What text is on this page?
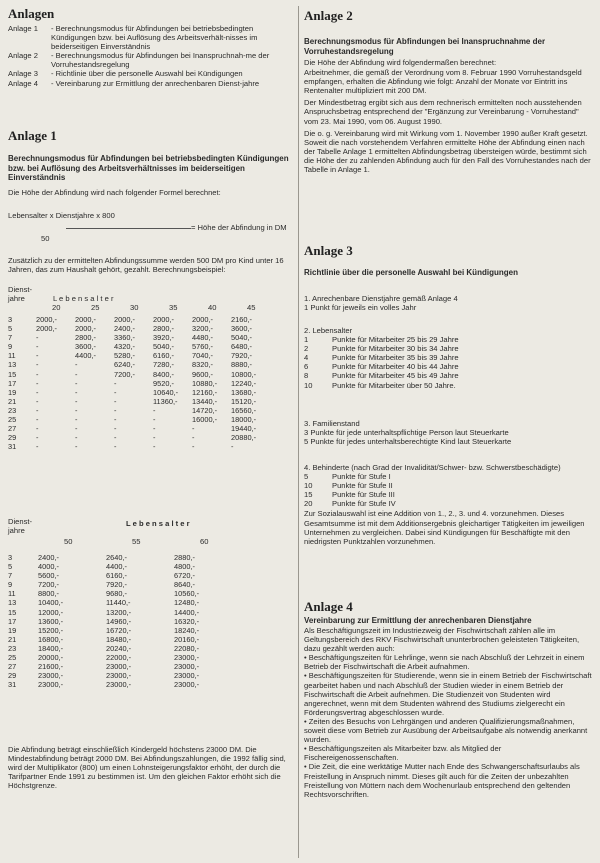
Anlagen
Anlage 1	- Berechnungsmodus für Abfindungen bei betriebsbedingten Kündigungen bzw. bei Auflösung des Arbeitsverhält-nisses im beiderseitigen Einverständnis
Anlage 2	- Berechnungsmodus für Abfindungen bei Inanspruchnah-me der Vorruhestandsregelung
Anlage 3	- Richtlinie über die personelle Auswahl bei Kündigungen
Anlage 4	- Vereinbarung zur Ermittlung der anrechenbaren Dienst-jahre
Anlage 1
Berechnungsmodus für Abfindungen bei betriebsbedingten Kündigungen bzw. bei Auflösung des Arbeitsverhältnisses im beiderseitigen Einverständnis

Die Höhe der Abfindung wird nach folgender Formel berechnet:

Lebensalter x Dienstjahre x 800
= Höhe der Abfindung in DM
50

Zusätzlich zu der ermittelten Abfindungssumme werden 500 DM pro Kind unter 16 Jahren, das zum Haushalt gehört, gezahlt. Berechnungsbeispiel:

Dienst-
jahre	L e b e n s a l t e r
20	25	30	35	40	45
3	2000,-	2000,-	2000,-	2000,-	2000,-	2160,-
5	2000,-	2000,-	2400,-	2800,-	3200,-	3600,-
7	-	2800,-	3360,-	3920,-	4480,-	5040,-
9	-	3600,-	4320,-	5040,-	5760,-	6480,-
11	-	4400,-	5280,-	6160,-	7040,-	7920,-
13	-	-	6240,-	7280,-	8320,-	8880,-
15	-	-	7200,-	8400,-	9600,-	10800,-
17	-	-	-	9520,-	10880,-	12240,-
19	-	-	-	10640,-	12160,-	13680,-
21	-	-	-	11360,-	13440,-	15120,-
23	-	-	-	-	14720,-	16560,-
25	-	-	-	-	16000,-	18000,-
27	-	-	-	-	-	19440,-
29	-	-	-	-	-	20880,-
31	-	-	-	-	-	-
Dienst-
jahre
L e b e n s a l t e r
50	55	60
3	2400,-	2640,-	2880,-
5	4000,-	4400,-	4800,-
7	5600,-	6160,-	6720,-
9	7200,-	7920,-	8640,-
11	8800,-	9680,-	10560,-
13	10400,-	11440,-	12480,-
15	12000,-	13200,-	14400,-
17	13600,-	14960,-	16320,-
19	15200,-	16720,-	18240,-
21	16800,-	18480,-	20160,-
23	18400,-	20240,-	22080,-
25	20000,-	22000,-	23000,-
27	21600,-	23000,-	23000,-
29	23000,-	23000,-	23000,-
31	23000,-	23000,-	23000,-

Die Abfindung beträgt einschließlich Kindergeld höchstens 23000 DM. Die Mindestabfindung beträgt 2000 DM. Bei Abfindungszahlungen, die 1992 fällig sind, wird der Multiplikator (800) um einen Lohnsteigerungsfaktor erhöht, der durch die Tarifpartner Ende 1991 zu bestimmen ist. Um den gleichen Faktor erhöht sich die Höchstgrenze.

Anlage 2
Berechnungsmodus für Abfindungen bei Inanspruchnahme der Vorruhestandsregelung

Die Höhe der Abfindung wird folgendermaßen berechnet:

Arbeitnehmer, die gemäß der Verordnung vom 8. Februar 1990 Vorruhestandsgeld empfangen, erhalten die Abfindung wie folgt: Anzahl der Monate vor Eintritt ins Rentenalter multipliziert mit 200 DM.

Der Mindestbetrag ergibt sich aus dem rechnerisch ermittelten noch ausstehenden Anspruchsbetrag entsprechend der "Ergänzung zur Vereinbarung - Vorruhestand" vom 23. Mai 1990, vom 06. August 1990.

Die o. g. Vereinbarung wird mit Wirkung vom 1. November 1990 außer Kraft gesetzt. Soweit die nach vorstehendem Verfahren ermittelte Höhe der Abfindung einen nach der Tabelle Anlage 1 ermittelten Abfindungsbetrag übersteigen würde, bestimmt sich die Höhe der zu zahlenden Abfindung auch für den Fall des Vorruhestandes nach der Tabelle in Anlage 1.

Anlage 3
Richtlinie über die personelle Auswahl bei Kündigungen

1. Anrechenbare Dienstjahre gemäß Anlage 4

1 Punkt für jeweils ein volles Jahr

2. Lebensalter

1	Punkte für Mitarbeiter 25 bis 29 Jahre
2	Punkte für Mitarbeiter 30 bis 34 Jahre
4	Punkte für Mitarbeiter 35 bis 39 Jahre
6	Punkte für Mitarbeiter 40 bis 44 Jahre
8	Punkte für Mitarbeiter 45 bis 49 Jahre
10	Punkte für Mitarbeiter über 50 Jahre.

3. Familienstand

3 Punkte für jede unterhaltspflichtige Person laut Steuerkarte

5 Punkte für jedes unterhaltsberechtigte Kind laut Steuerkarte

4. Behinderte (nach Grad der Invalidität/Schwer- bzw. Schwerstbeschädigte)

5	Punkte für Stufe I
10	Punkte für Stufe II
15	Punkte für Stufe III
20	Punkte für Stufe IV

Zur Sozialauswahl ist eine Addition von 1., 2., 3. und 4. vorzunehmen. Dieses Gesamtsumme ist mit dem Additionsergebnis gleichartiger Tätigkeiten im jeweiligen Unternehmen zu vergleichen. Dabei sind Kündigungen für Beschäftigte mit den niedrigsten Punktzahlen vorzunehmen.

Anlage 4
Vereinbarung zur Ermittlung der anrechenbaren Dienstjahre

Als Beschäftigungszeit im Industriezweig der Fischwirtschaft zählen alle im Geltungsbereich des RKV Fischwirtschaft ununterbrochen geleisteten Tätigkeiten, dazu gezählt werden auch:

• Beschäftigungszeiten für Lehrlinge, wenn sie nach Abschluß der Lehrzeit in einem Betrieb der Fischwirtschaft die Arbeit aufnahmen.

• Beschäftigungszeiten für Studierende, wenn sie in einem Betrieb der Fischwirtschaft gearbeitet haben und nach Abschluß der Studien wieder in einem Betrieb der Fischwirtschaft die Arbeit aufnehmen. Die Studienzeit von Studenten wird angerechnet, wenn mit dem Studenten während des Studiums zielgerecht ein Förderungsvertrag abgeschlossen wurde.

• Zeiten des Besuchs von Lehrgängen und anderen Qualifizierungsmaßnahmen, soweit diese vom Betrieb zur Ausübung der Arbeitsaufgabe als notwendig anerkannt wurden.

• Beschäftigungszeiten als Mitarbeiter bzw. als Mitglied der Fischereigenossenschaften.

• Die Zeit, die eine werktätige Mutter nach Ende des Schwangerschaftsurlaubs als Freistellung in Anspruch nimmt. Dieses gilt auch für die Zeiten der unbezahlten Freistellung von Müttern nach dem Wochenurlaub entsprechend den geltenden Rechtsvorschriften.
